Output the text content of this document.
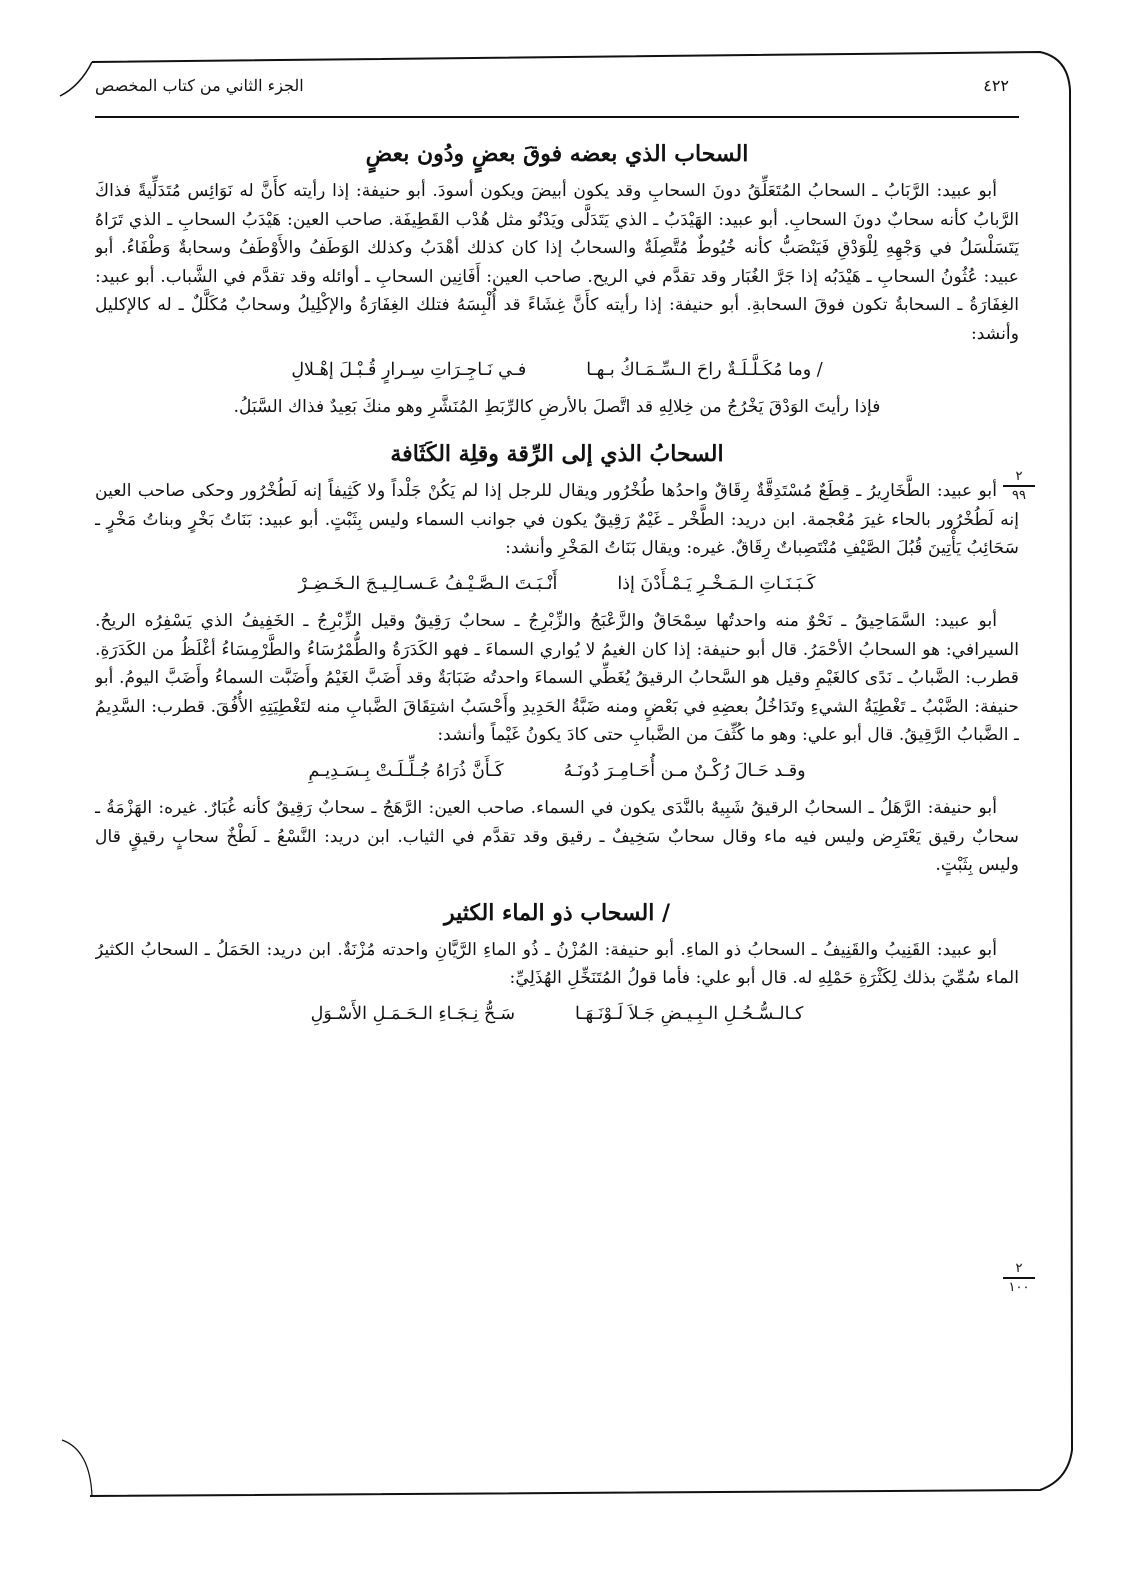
٤٢٢
الجزء الثاني من كتاب المخصص
٢
٩٩
٢
١٠٠
السحاب الذي بعضه فوقَ بعضٍ ودُون بعضٍ

أبو عبيد: الرَّبَابُ ـ السحابُ المُتَعَلِّقُ دونَ السحابِ وقد يكون أبيضَ ويكون أسودَ. أبو حنيفة: إذا رأيته كأَنَّ له نَوَائِس مُتَدَلِّيةً فذاكَ الرَّبابُ كأنه سحابٌ دونَ السحابِ. أبو عبيد: الهَيْدَبُ ـ الذي يَتَدَلَّى ويَدْنُو مثل هُدْب القَطِيفَة. صاحب العين: هَيْدَبُ السحابِ ـ الذي تَرَاهُ يَتَسَلْسَلُ في وَجْهِهِ لِلْوَدْقِ فَيَنْصَبُّ كأنه خُيُوطٌ مُتَّصِلَةٌ والسحابُ إذا كان كذلك أهْدَبُ وكذلك الوَطَفُ والأَوْطَفُ وسحابةٌ وَطْفَاءُ. أبو عبيد: عُثُونُ السحابِ ـ هَيْدَبُه إذا جَرَّ الغُبَار وقد تقدَّم في الريح. صاحب العين: أَفَانِين السحابِ ـ أوائله وقد تقدَّم في الشَّباب. أبو عبيد: الغِفَارَةُ ـ السحابةُ تكون فوقَ السحابةِ. أبو حنيفة: إذا رأيته كأَنَّ غِشَاءً قد أُلْبِسَهُ فتلك الغِفَارَةُ والإكْلِيلُ وسحابٌ مُكَلَّلٌ ـ له كالإكليل وأنشد:

/ وما مُكَـلَّـلَـةٌ راحَ الـسِّـمَـاكُ بـهـا
فـي نَـاجِـرَاتِ سِـرارٍ قُـبْـلَ إهْـلالِ
فإذا رأيتَ الوَدْقَ يَخْرُجُ من خِلالِهِ قد اتَّصلَ بالأرضِ كالرِّبَطِ المُنَشَّرِ وهو منكَ بَعِيدٌ فذاك السَّبَلُ.
السحابُ الذي إلى الرِّقة وقلِة الكَثَافة

أبو عبيد: الطَّخَارِيرُ ـ قِطَعٌ مُسْتَدِقَّةٌ رِقَاقٌ واحدُها طُخْرُور ويقال للرجل إذا لم يَكُنْ جَلْداً ولا كَثِيفاً إنه لَطُخْرُور وحكى صاحب العين إنه لَطُخْرُور بالحاء غيرَ مُعْجمة. ابن دريد: الطَّخْر ـ غَيْمٌ رَقِيقٌ يكون في جوانب السماء وليس بِثَبْتٍ. أبو عبيد: بَنَاتُ بَخْرٍ وبناتُ مَخْرٍ ـ سَحَائِبُ يَأْتِينَ قُبُلَ الصَّيْفِ مُنْتَصِباتٌ رِقَاقٌ. غيره: ويقال بَنَاتُ المَخْرِ وأنشد:

كَـبَـنَـاتِ الـمَـخْـرِ يَـمْـأَدْنَ إذا
أَنْـبَـتَ الـصَّـيْـفُ عَـسـالِـيـجَ الـخَـضِـرْ

أبو عبيد: السَّمَاحِيقُ ـ نَحْوٌ منه واحدتُها سِمْحَاقٌ والزَّعْبَجُ والزِّبْرِجُ ـ سحابٌ رَقِيقٌ وقيل الزِّبْرِجُ ـ الخَفِيفُ الذي يَسْفِرُه الريحُ. السيرافي: هو السحابُ الأحْمَرُ. قال أبو حنيفة: إذا كان الغيمُ لا يُواري السماءَ ـ فهو الكَدَرَةُ والطُّمْرُسَاءُ والطَّرْمِسَاءُ أغْلَظُ من الكَدَرَةِ. قطرب: الضَّبابُ ـ نَدًى كالغَيْمِ وقيل هو السَّحابُ الرقيقُ يُغَطِّي السماءَ واحدتُه ضَبَابَةٌ وقد أَضَبَّ الغَيْمُ وأَضَبَّت السماءُ وأَضَبَّ اليومُ. أبو حنيفة: الضَّبْبُ ـ تَغْطِيَةُ الشيءِ وتَدَاخُلُ بعضِهِ في بَعْضٍ ومنه ضَبَّةُ الحَدِيدِ وأَحْسَبُ اشتِقَاقَ الضَّبابِ منه لتَغْطِيَتِهِ الأُفُقَ. قطرب: السَّدِيمُ ـ الضَّبابُ الرَّقِيقُ. قال أبو علي: وهو ما كُثِّفَ من الضَّبابِ حتى كادَ يكونُ غَيْماً وأنشد:

وقـد حَـالَ رُكْـنٌ مـن أُحَـامِـرَ دُونَـهُ
كَـأَنَّ ذُرَاهُ جُـلِّـلَـتْ بِـسَـدِيـمِ

أبو حنيفة: الرَّهَلُ ـ السحابُ الرقيقُ شَبِيهٌ بالنَّدَى يكون في السماء. صاحب العين: الرَّهَجُ ـ سحابٌ رَقِيقٌ كأنه غُبَارٌ. غيره: الهَزْمَةُ ـ سحابٌ رقيق يَعْتَرِض وليس فيه ماء وقال سحابٌ سَخِيفٌ ـ رقيق وقد تقدَّم في الثياب. ابن دريد: النَّسْعُ ـ لَطْخٌ سحابٍ رقيقٍ قال وليس بِثَبْتٍ.

/ السحاب ذو الماء الكثير

أبو عبيد: القَنِيبُ والقَنِيفُ ـ السحابُ ذو الماءِ. أبو حنيفة: المُزْنُ ـ ذُو الماءِ الرَّيَّانِ واحدته مُزْنَةٌ. ابن دريد: الحَمَلُ ـ السحابُ الكثيرُ الماء سُمِّيَ بذلك لِكَثْرَةِ حَمْلِهِ له. قال أبو علي: فأما قولُ المُتَنَخِّلِ الهُذَلِيِّ:

كـالـسُّـحُـلِ الـبِـيـضِ جَـلاَ لَـوْنَـهَـا
سَـحُّ نِـجَـاءِ الـحَـمَـلِ الأَسْـوَلِ
